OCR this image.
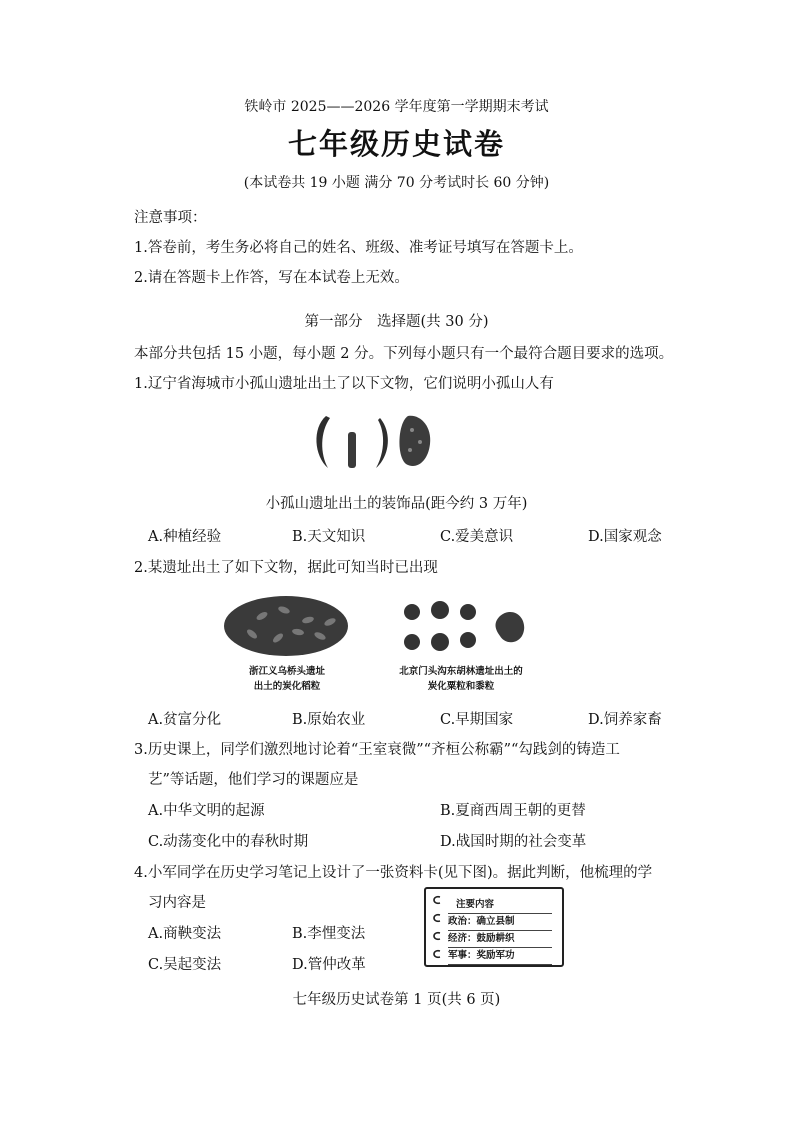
铁岭市 2025——2026 学年度第一学期期末考试
七年级历史试卷
(本试卷共 19 小题 满分 70 分考试时长 60 分钟)
注意事项：
1.答卷前，考生务必将自己的姓名、班级、准考证号填写在答题卡上。
2.请在答题卡上作答，写在本试卷上无效。
第一部分　选择题(共 30 分)
本部分共包括 15 小题，每小题 2 分。下列每小题只有一个最符合题目要求的选项。
1.辽宁省海城市小孤山遗址出土了以下文物，它们说明小孤山人有
小孤山遗址出土的装饰品(距今约 3 万年)
A.种植经验	B.天文知识	C.爱美意识	D.国家观念
2.某遗址出土了如下文物，据此可知当时已出现
浙江义乌桥头遗址
出土的炭化稻粒
北京门头沟东胡林遗址出土的
炭化粟粒和黍粒
A.贫富分化	B.原始农业	C.早期国家	D.饲养家畜
3.历史课上，同学们激烈地讨论着“王室衰微”“齐桓公称霸”“勾践剑的铸造工
艺”等话题，他们学习的课题应是
A.中华文明的起源	B.夏商西周王朝的更替
C.动荡变化中的春秋时期	D.战国时期的社会变革
4.小军同学在历史学习笔记上设计了一张资料卡(见下图)。据此判断，他梳理的学
习内容是
A.商鞅变法	B.李悝变法
C.吴起变法	D.管仲改革
注要内容
政治：确立县制
经济：鼓励耕织
军事：奖励军功
七年级历史试卷第 1 页(共 6 页)
